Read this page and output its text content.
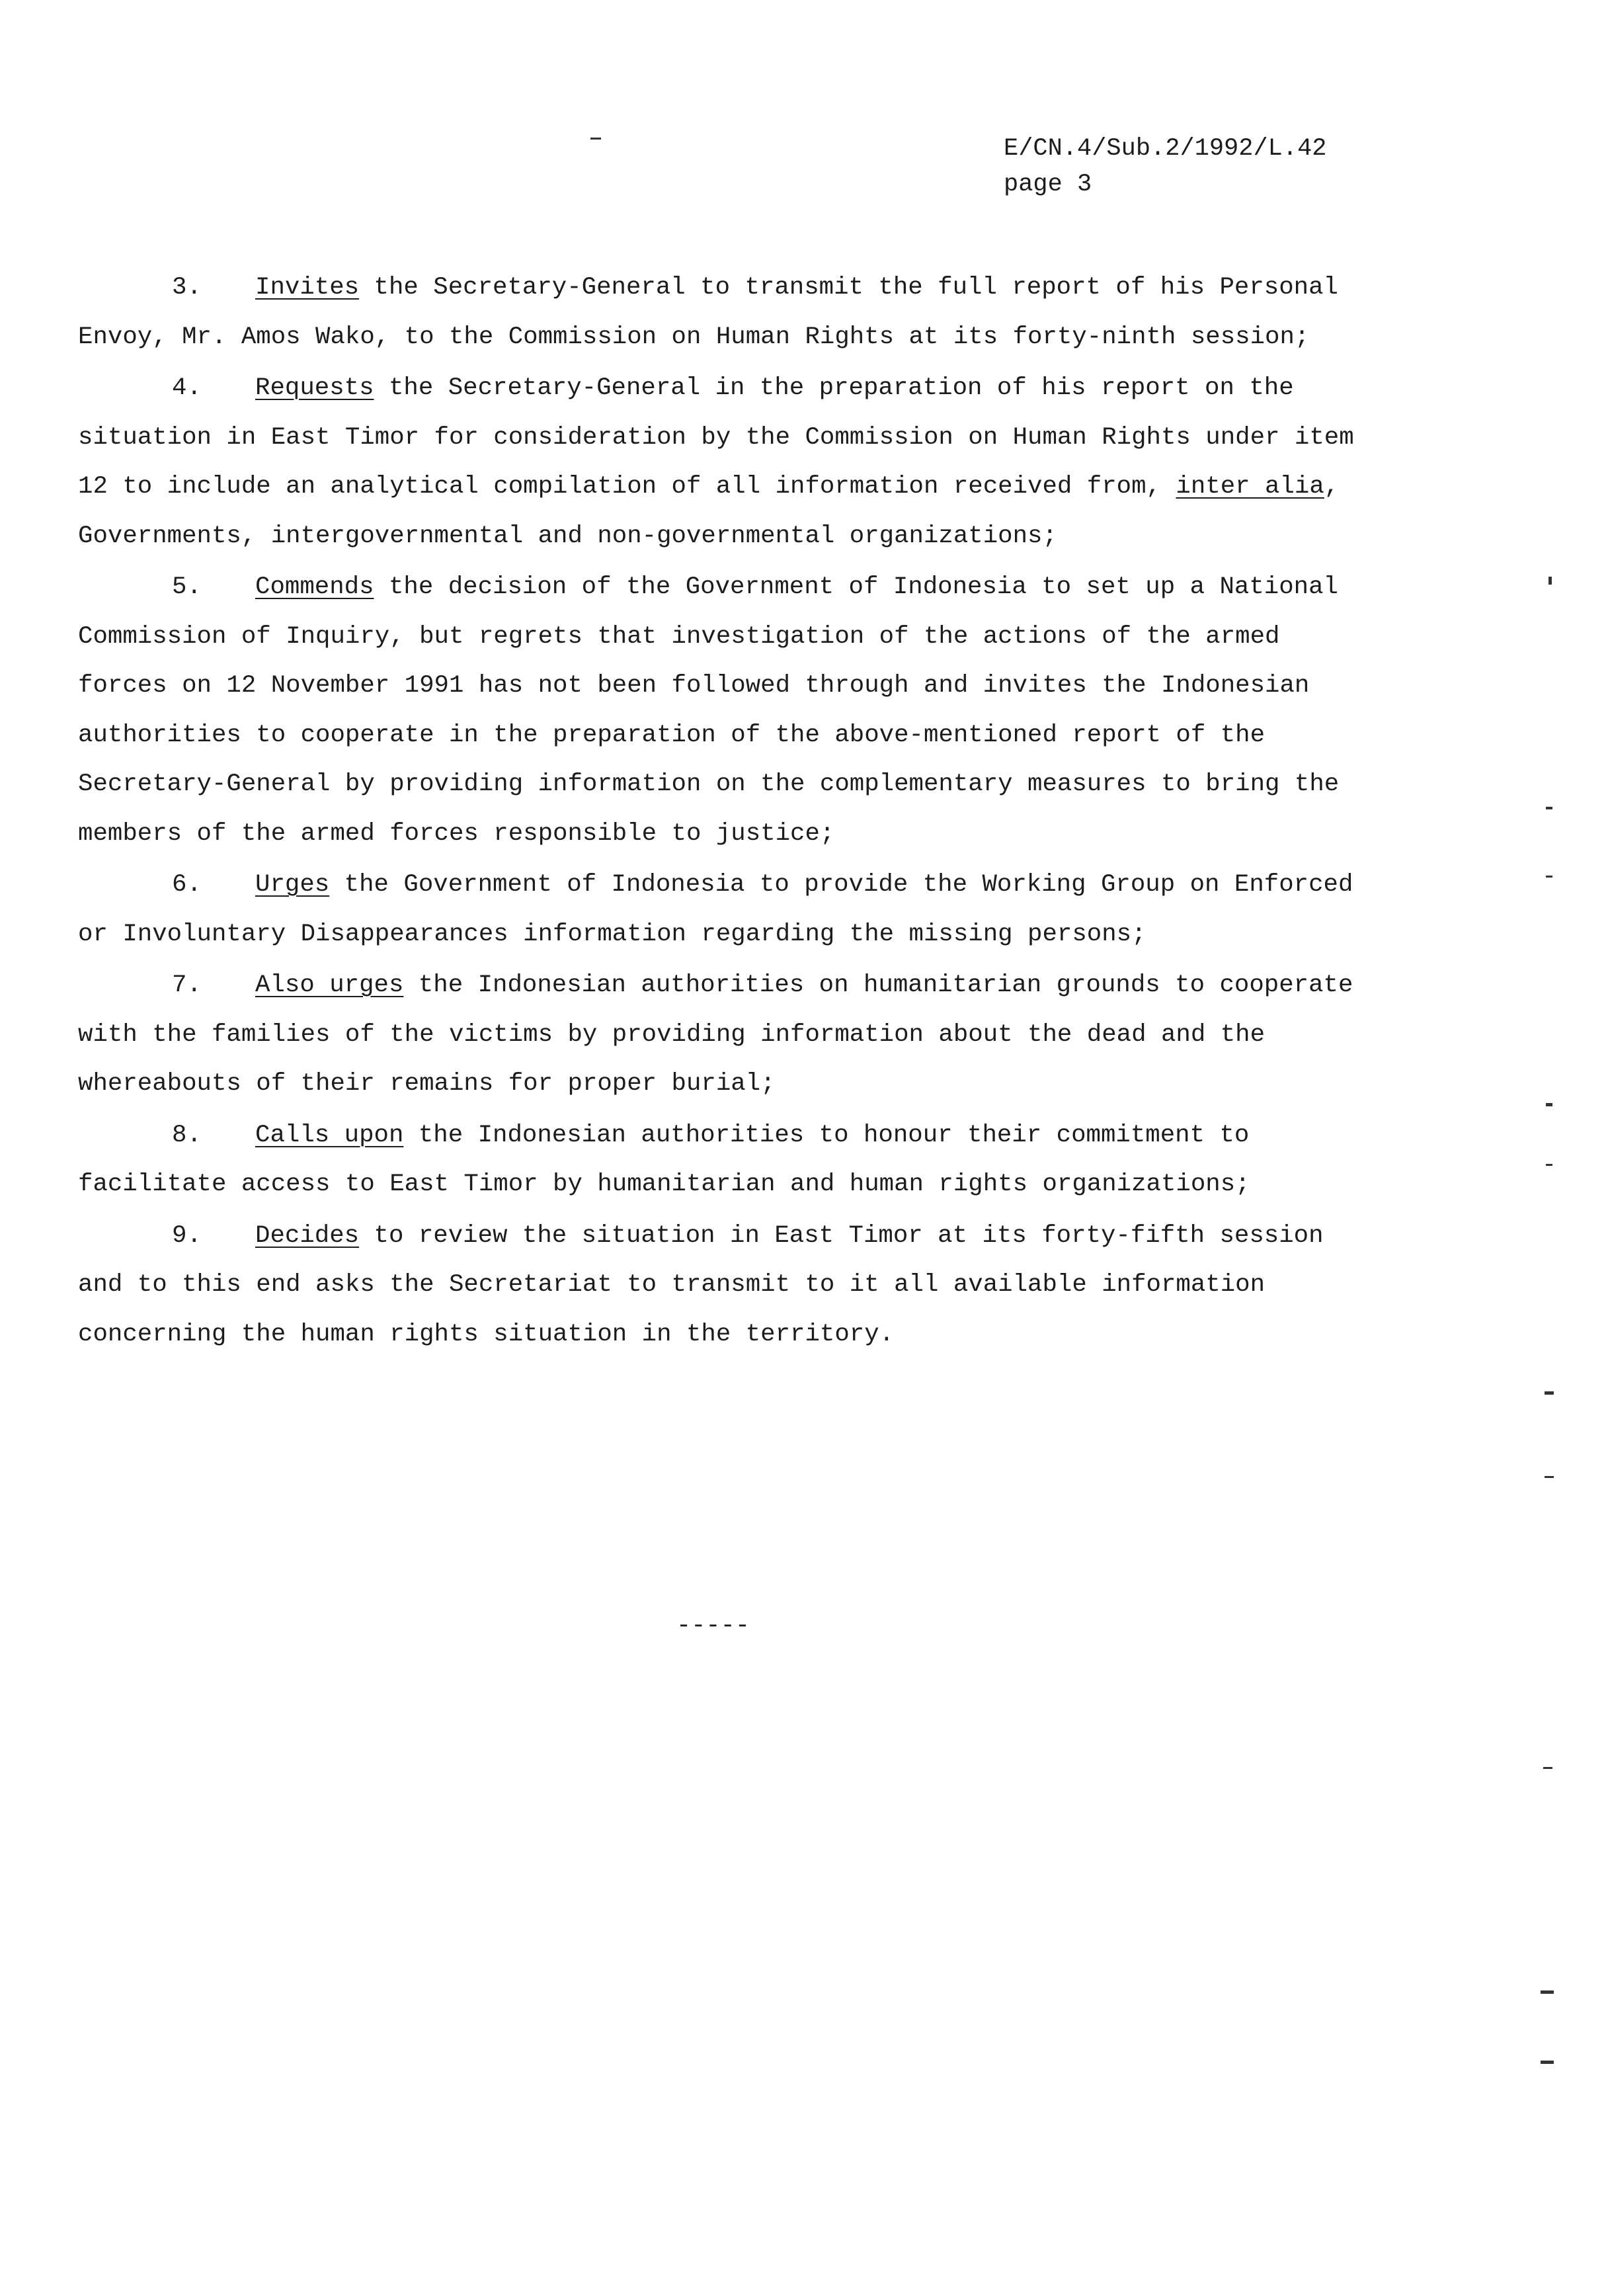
E/CN.4/Sub.2/1992/L.42
page 3

3. Invites the Secretary-General to transmit the full report of his Personal Envoy, Mr. Amos Wako, to the Commission on Human Rights at its forty-ninth session;

4. Requests the Secretary-General in the preparation of his report on the situation in East Timor for consideration by the Commission on Human Rights under item 12 to include an analytical compilation of all information received from, inter alia, Governments, intergovernmental and non-governmental organizations;

5. Commends the decision of the Government of Indonesia to set up a National Commission of Inquiry, but regrets that investigation of the actions of the armed forces on 12 November 1991 has not been followed through and invites the Indonesian authorities to cooperate in the preparation of the above-mentioned report of the Secretary-General by providing information on the complementary measures to bring the members of the armed forces responsible to justice;

6. Urges the Government of Indonesia to provide the Working Group on Enforced or Involuntary Disappearances information regarding the missing persons;

7. Also urges the Indonesian authorities on humanitarian grounds to cooperate with the families of the victims by providing information about the dead and the whereabouts of their remains for proper burial;

8. Calls upon the Indonesian authorities to honour their commitment to facilitate access to East Timor by humanitarian and human rights organizations;

9. Decides to review the situation in East Timor at its forty-fifth session and to this end asks the Secretariat to transmit to it all available information concerning the human rights situation in the territory.

-----
